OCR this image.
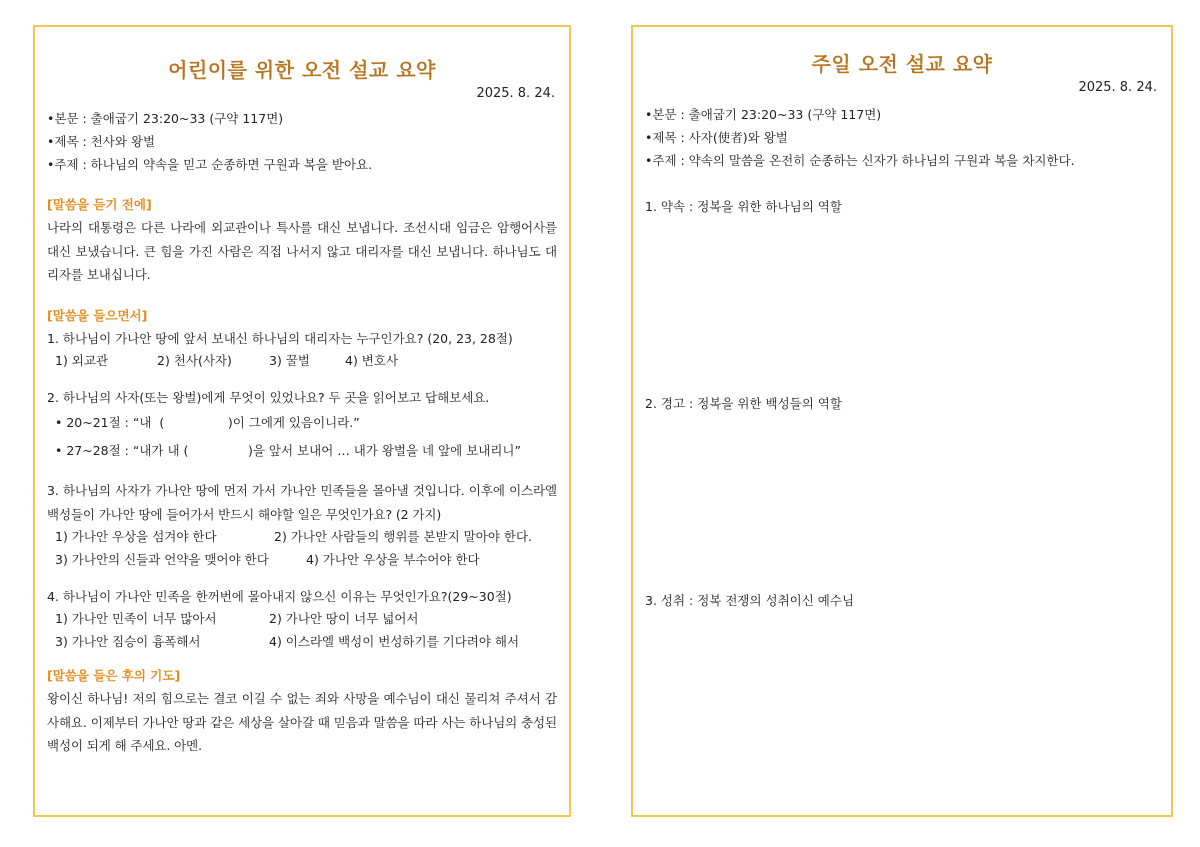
어린이를 위한 오전 설교 요약

2025. 8. 24.

•본문 : 출애굽기 23:20~33 (구약 117면)

•제목 : 천사와 왕벌

•주제 : 하나님의 약속을 믿고 순종하면 구원과 복을 받아요.

[말씀을 듣기 전에]

나라의 대통령은 다른 나라에 외교관이나 특사를 대신 보냅니다. 조선시대 임금은 암행어사를 대신 보냈습니다. 큰 힘을 가진 사람은 직접 나서지 않고 대리자를 대신 보냅니다. 하나님도 대리자를 보내십니다.

[말씀을 들으면서]

1. 하나님이 가나안 땅에 앞서 보내신 하나님의 대리자는 누구인가요? (20, 23, 28절)

1) 외교관	2) 천사(사자)	3) 꿀벌	4) 변호사

2. 하나님의 사자(또는 왕벌)에게 무엇이 있었나요? 두 곳을 읽어보고 답해보세요.

• 20~21절 : “내  (                )이 그에게 있음이니라.”

• 27~28절 : “내가 내 (               )을 앞서 보내어 … 내가 왕벌을 네 앞에 보내리니”

3. 하나님의 사자가 가나안 땅에 먼저 가서 가나안 민족들을 몰아낼 것입니다. 이후에 이스라엘 백성들이 가나안 땅에 들어가서 반드시 해야할 일은 무엇인가요? (2 가지)

1) 가나안 우상을 섬겨야 한다	2) 가나안 사람들의 행위를 본받지 말아야 한다.
3) 가나안의 신들과 언약을 맺어야 한다	4) 가나안 우상을 부수어야 한다

4. 하나님이 가나안 민족을 한꺼번에 몰아내지 않으신 이유는 무엇인가요?(29~30절)

1) 가나안 민족이 너무 많아서	2) 가나안 땅이 너무 넓어서
3) 가나안 짐승이 흉폭해서	4) 이스라엘 백성이 번성하기를 기다려야 해서

[말씀을 들은 후의 기도]

왕이신 하나님! 저의 힘으로는 결코 이길 수 없는 죄와 사망을 예수님이 대신 물리쳐 주셔서 감사해요. 이제부터 가나안 땅과 같은 세상을 살아갈 때 믿음과 말씀을 따라 사는 하나님의 충성된 백성이 되게 해 주세요. 아멘.

주일 오전 설교 요약

2025. 8. 24.

•본문 : 출애굽기 23:20~33 (구약 117면)

•제목 : 사자(使者)와 왕벌

•주제 : 약속의 말씀을 온전히 순종하는 신자가 하나님의 구원과 복을 차지한다.

1. 약속 : 정복을 위한 하나님의 역할

2. 경고 : 정복을 위한 백성들의 역할

3. 성취 : 정복 전쟁의 성취이신 예수님
